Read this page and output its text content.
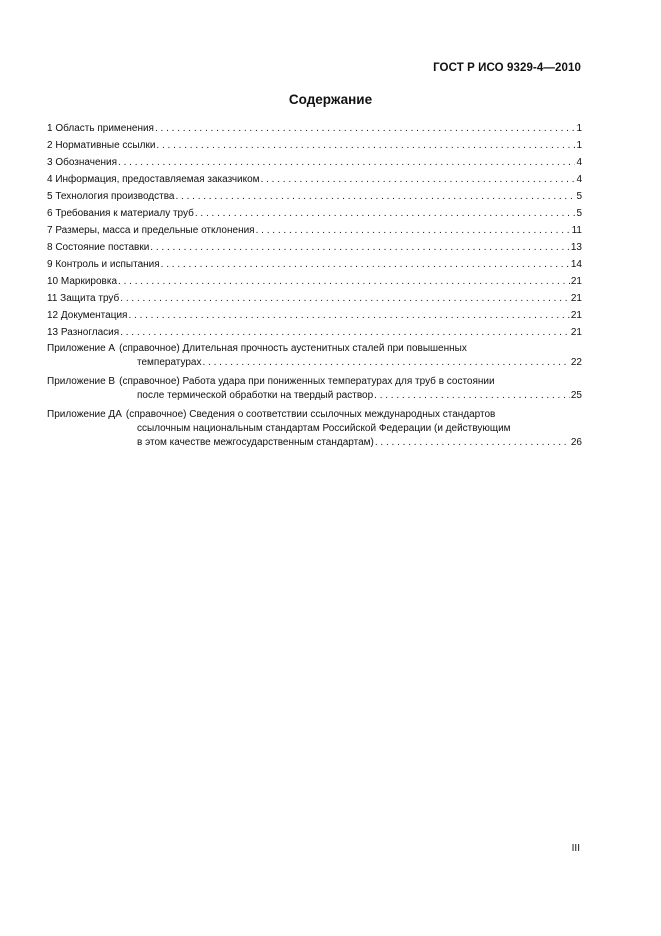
ГОСТ Р ИСО 9329-4—2010
Содержание
1 Область применения . . .	1
2 Нормативные ссылки . . .	1
3 Обозначения . . .	4
4 Информация, предоставляемая заказчиком . . .	4
5 Технология производства . . .	5
6 Требования к материалу труб . . .	5
7 Размеры, масса и предельные отклонения . . .	11
8 Состояние поставки . . .	13
9 Контроль и испытания . . .	14
10 Маркировка . . .	21
11 Защита труб . . .	21
12 Документация . . .	21
13 Разногласия . . .	21
Приложение А (справочное) Длительная прочность аустенитных сталей при повышенных
температурах . . .	22
Приложение В (справочное) Работа удара при пониженных температурах для труб в состоянии
после термической обработки на твердый раствор . . .	25
Приложение ДА (справочное) Сведения о соответствии ссылочных международных стандартов
ссылочным национальным стандартам Российской Федерации (и действующим
в этом качестве межгосударственным стандартам) . . .	26
III
